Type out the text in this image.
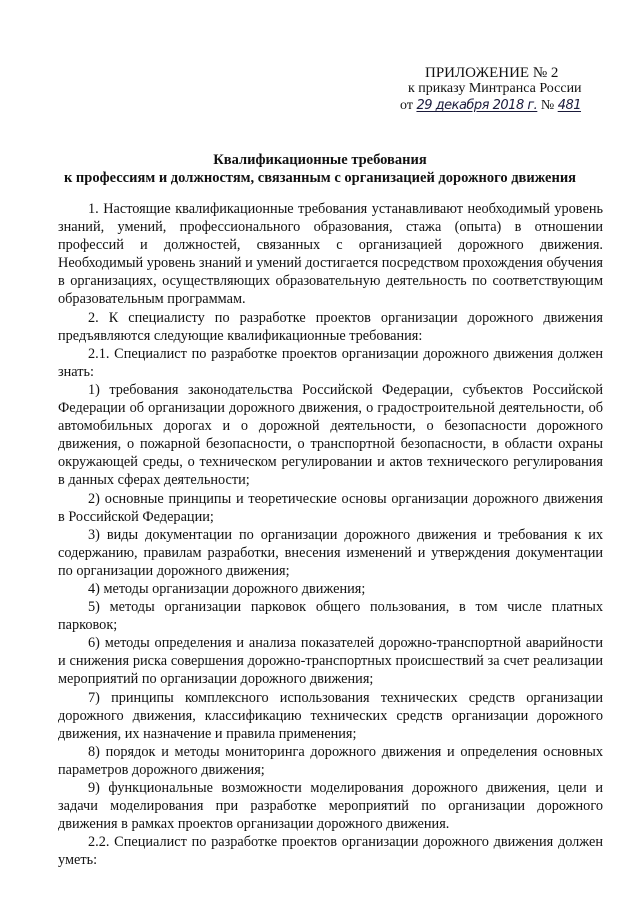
ПРИЛОЖЕНИЕ № 2
к приказу Минтранса России
от 29 декабря 2018 г. № 481
Квалификационные требования
к профессиям и должностям, связанным с организацией дорожного движения

1. Настоящие квалификационные требования устанавливают необходимый уровень знаний, умений, профессионального образования, стажа (опыта) в отношении профессий и должностей, связанных с организацией дорожного движения. Необходимый уровень знаний и умений достигается посредством прохождения обучения в организациях, осуществляющих образовательную деятельность по соответствующим образовательным программам.

2. К специалисту по разработке проектов организации дорожного движения предъявляются следующие квалификационные требования:

2.1. Специалист по разработке проектов организации дорожного движения должен знать:

1) требования законодательства Российской Федерации, субъектов Российской Федерации об организации дорожного движения, о градостроительной деятельности, об автомобильных дорогах и о дорожной деятельности, о безопасности дорожного движения, о пожарной безопасности, о транспортной безопасности, в области охраны окружающей среды, о техническом регулировании и актов технического регулирования в данных сферах деятельности;

2) основные принципы и теоретические основы организации дорожного движения в Российской Федерации;

3) виды документации по организации дорожного движения и требования к их содержанию, правилам разработки, внесения изменений и утверждения документации по организации дорожного движения;

4) методы организации дорожного движения;

5) методы организации парковок общего пользования, в том числе платных парковок;

6) методы определения и анализа показателей дорожно-транспортной аварийности и снижения риска совершения дорожно-транспортных происшествий за счет реализации мероприятий по организации дорожного движения;

7) принципы комплексного использования технических средств организации дорожного движения, классификацию технических средств организации дорожного движения, их назначение и правила применения;

8) порядок и методы мониторинга дорожного движения и определения основных параметров дорожного движения;

9) функциональные возможности моделирования дорожного движения, цели и задачи моделирования при разработке мероприятий по организации дорожного движения в рамках проектов организации дорожного движения.

2.2. Специалист по разработке проектов организации дорожного движения должен уметь:
